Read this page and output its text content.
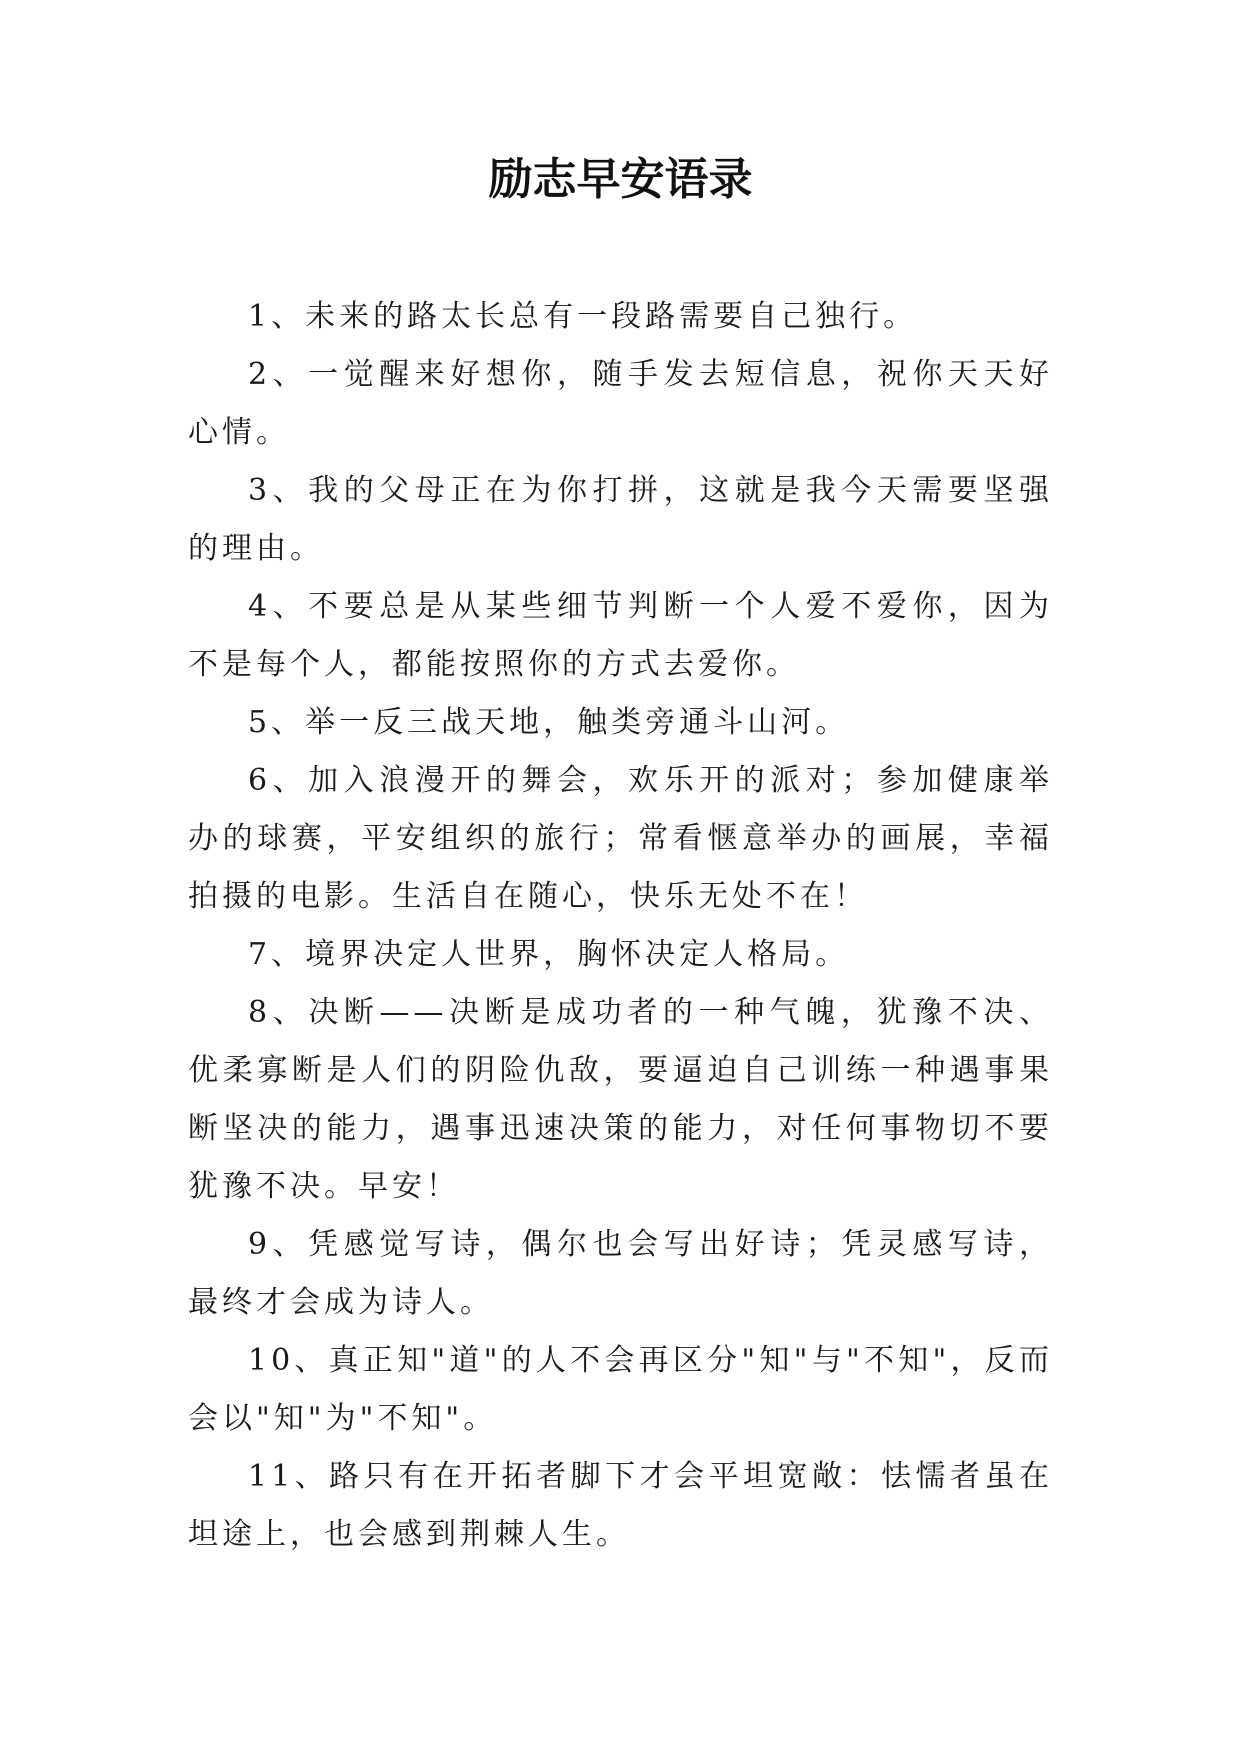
励志早安语录

1、未来的路太长总有一段路需要自己独行。

2、一觉醒来好想你，随手发去短信息，祝你天天好心情。

3、我的父母正在为你打拼，这就是我今天需要坚强的理由。

4、不要总是从某些细节判断一个人爱不爱你，因为不是每个人，都能按照你的方式去爱你。

5、举一反三战天地，触类旁通斗山河。

6、加入浪漫开的舞会，欢乐开的派对；参加健康举办的球赛，平安组织的旅行；常看惬意举办的画展，幸福拍摄的电影。生活自在随心，快乐无处不在！

7、境界决定人世界，胸怀决定人格局。

8、决断——决断是成功者的一种气魄，犹豫不决、优柔寡断是人们的阴险仇敌，要逼迫自己训练一种遇事果断坚决的能力，遇事迅速决策的能力，对任何事物切不要犹豫不决。早安！

9、凭感觉写诗，偶尔也会写出好诗；凭灵感写诗，最终才会成为诗人。

10、真正知"道"的人不会再区分"知"与"不知"，反而会以"知"为"不知"。

11、路只有在开拓者脚下才会平坦宽敞：怯懦者虽在坦途上，也会感到荆棘人生。
